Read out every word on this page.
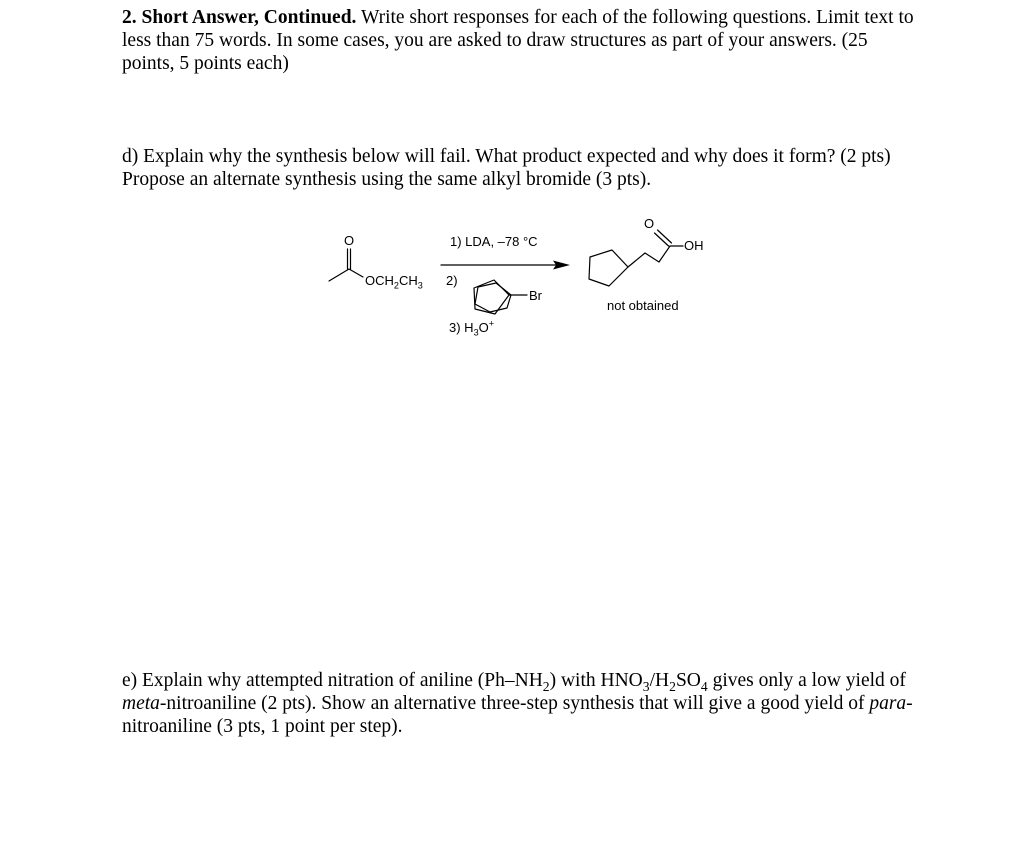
2. Short Answer, Continued. Write short responses for each of the following questions. Limit text to less than 75 words. In some cases, you are asked to draw structures as part of your answers. (25 points, 5 points each)
d) Explain why the synthesis below will fail. What product expected and why does it form? (2 pts) Propose an alternate synthesis using the same alkyl bromide (3 pts).
O
$OCH_2CH_3$
1) LDA, –78 °C
2)
Br
3) $H_3O^+$
O
OH
not obtained
e) Explain why attempted nitration of aniline $(Ph-NH_2)$ with $HNO_3/H_2SO_4$ gives only a low yield of meta-nitroaniline (2 pts). Show an alternative three-step synthesis that will give a good yield of para-nitroaniline (3 pts, 1 point per step).
